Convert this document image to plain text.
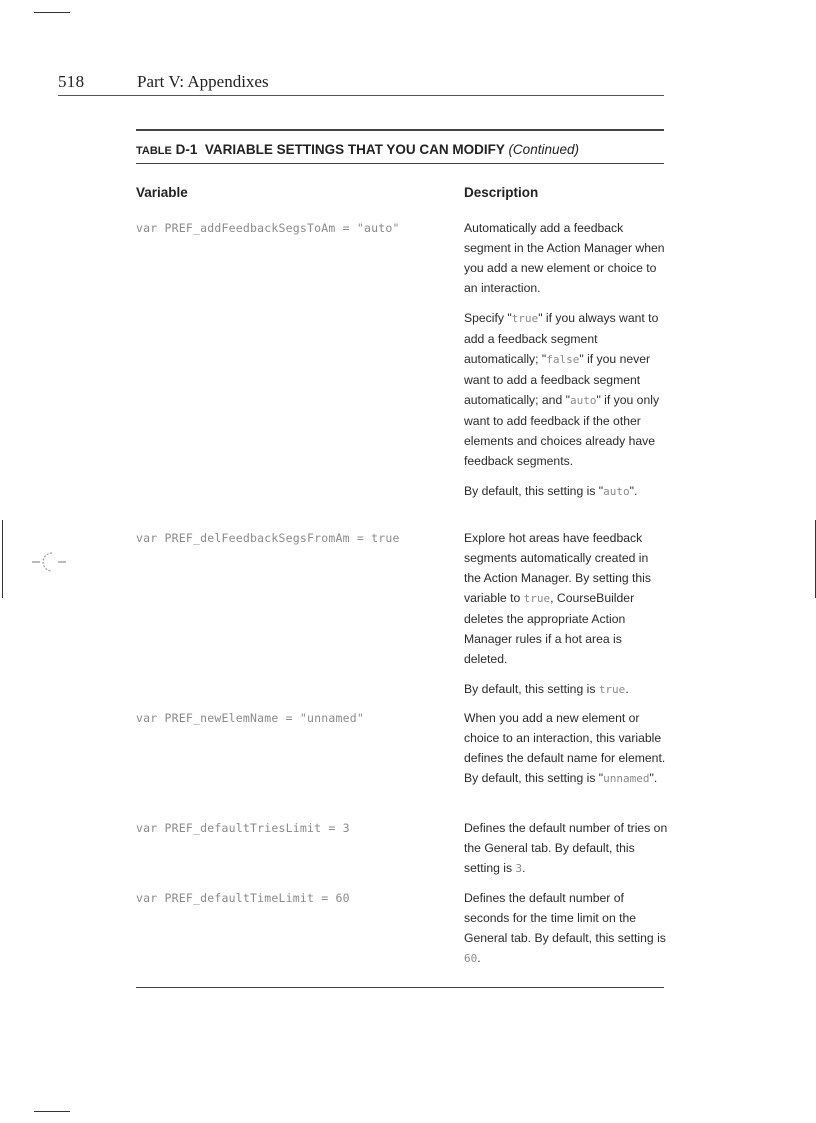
518	Part V: Appendixes
TABLE D-1 VARIABLE SETTINGS THAT YOU CAN MODIFY (Continued)
Variable	Description
var PREF_addFeedbackSegsToAm = "auto"	Automatically add a feedback segment in the Action Manager when you add a new element or choice to an interaction.

Specify "true" if you always want to add a feedback segment automatically; "false" if you never want to add a feedback segment automatically; and "auto" if you only want to add feedback if the other elements and choices already have feedback segments.

By default, this setting is "auto".

var PREF_delFeedbackSegsFromAm = true	Explore hot areas have feedback segments automatically created in the Action Manager. By setting this variable to true, CourseBuilder deletes the appropriate Action Manager rules if a hot area is deleted.

By default, this setting is true.

var PREF_newElemName = "unnamed"	When you add a new element or choice to an interaction, this variable defines the default name for element. By default, this setting is "unnamed".

var PREF_defaultTriesLimit = 3	Defines the default number of tries on the General tab. By default, this setting is 3.

var PREF_defaultTimeLimit = 60	Defines the default number of seconds for the time limit on the General tab. By default, this setting is 60.
